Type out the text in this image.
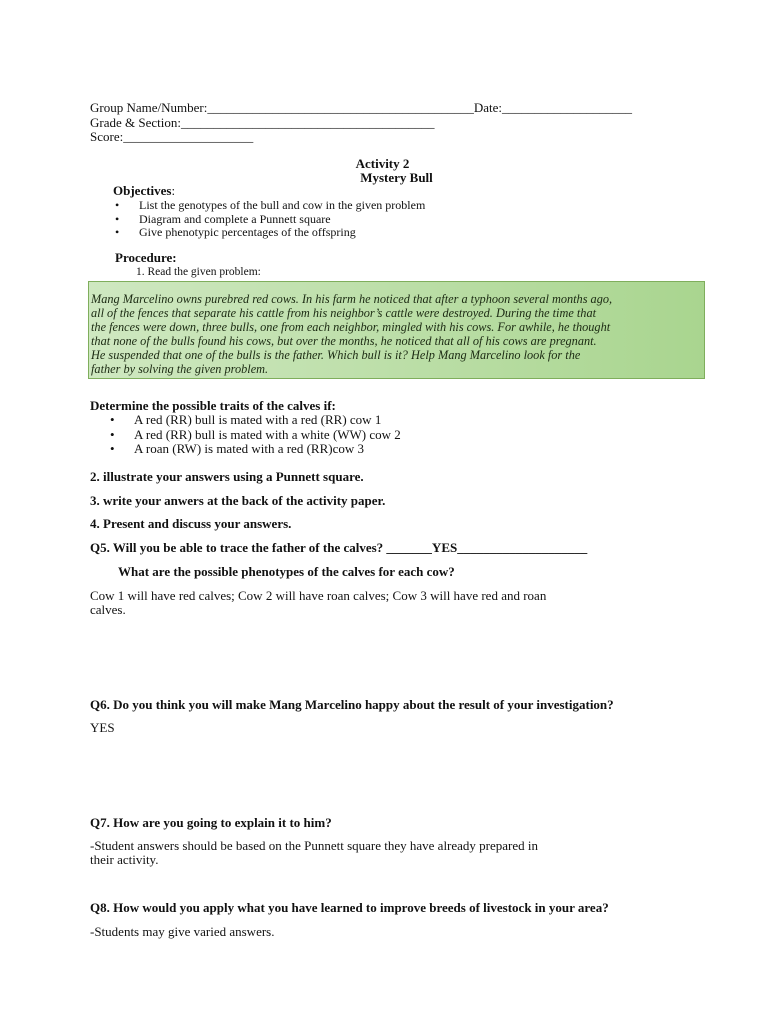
Group Name/Number:_________________________________________Date:____________________
Grade & Section:_______________________________________
Score:____________________
Activity 2
Mystery Bull
Objectives:
• List the genotypes of the bull and cow in the given problem
• Diagram and complete a Punnett square
• Give phenotypic percentages of the offspring
Procedure:
1. Read the given problem:
Mang Marcelino owns purebred red cows. In his farm he noticed that after a typhoon several months ago,
all of the fences that separate his cattle from his neighbor’s cattle were destroyed. During the time that
the fences were down, three bulls, one from each neighbor, mingled with his cows. For awhile, he thought
that none of the bulls found his cows, but over the months, he noticed that all of his cows are pregnant.
He suspended that one of the bulls is the father. Which bull is it? Help Mang Marcelino look for the
father by solving the given problem.
Determine the possible traits of the calves if:
• A red (RR) bull is mated with a red (RR) cow 1
• A red (RR) bull is mated with a white (WW) cow 2
• A roan (RW) is mated with a red (RR)cow 3
2. illustrate your answers using a Punnett square.
3. write your anwers at the back of the activity paper.
4. Present and discuss your answers.
Q5. Will you be able to trace the father of the calves? _______YES____________________
What are the possible phenotypes of the calves for each cow?
Cow 1 will have red calves; Cow 2 will have roan calves; Cow 3 will have red and roan
calves.
Q6. Do you think you will make Mang Marcelino happy about the result of your investigation?
YES
Q7. How are you going to explain it to him?
-Student answers should be based on the Punnett square they have already prepared in
their activity.
Q8. How would you apply what you have learned to improve breeds of livestock in your area?
-Students may give varied answers.
